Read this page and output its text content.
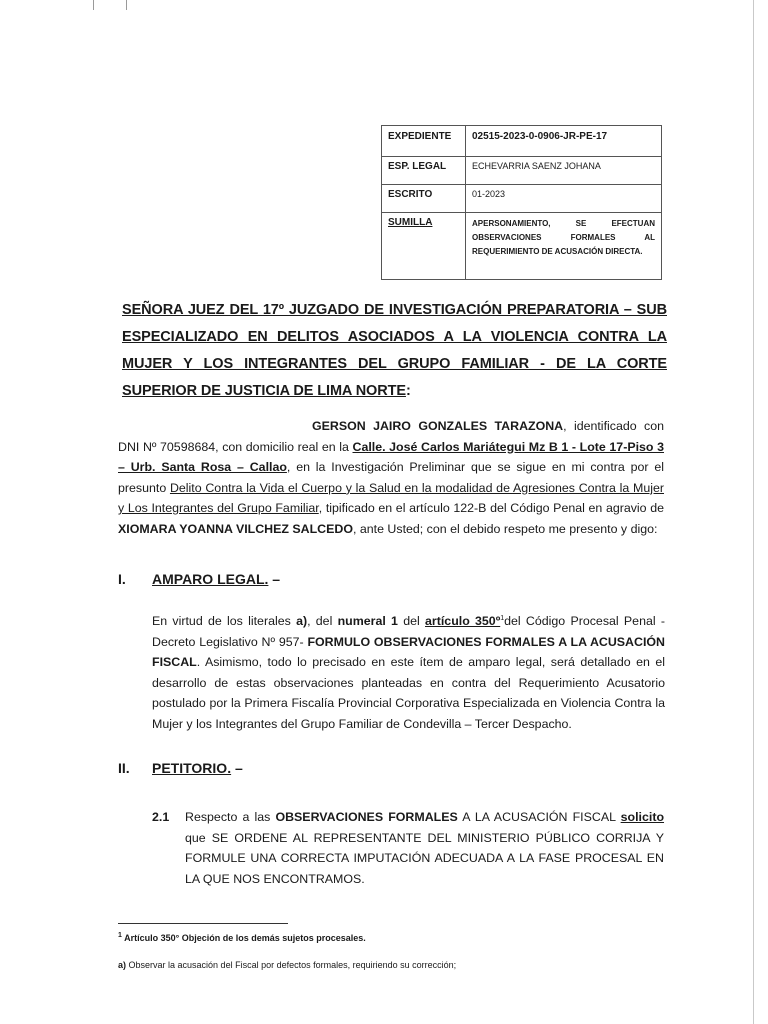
EXPEDIENTE	02515-2023-0-0906-JR-PE-17
ESP. LEGAL	ECHEVARRIA SAENZ JOHANA
ESCRITO	01-2023
SUMILLA	APERSONAMIENTO, SE EFECTUAN OBSERVACIONES FORMALES AL REQUERIMIENTO DE ACUSACIÓN DIRECTA.

SEÑORA JUEZ DEL 17º JUZGADO DE INVESTIGACIÓN PREPARATORIA – SUB ESPECIALIZADO EN DELITOS ASOCIADOS A LA VIOLENCIA CONTRA LA MUJER Y LOS INTEGRANTES DEL GRUPO FAMILIAR - DE LA CORTE SUPERIOR DE JUSTICIA DE LIMA NORTE:

GERSON JAIRO GONZALES TARAZONA, identificado con DNI Nº 70598684, con domicilio real en la Calle. José Carlos Mariátegui Mz B 1 - Lote 17-Piso 3 – Urb. Santa Rosa – Callao, en la Investigación Preliminar que se sigue en mi contra por el presunto Delito Contra la Vida el Cuerpo y la Salud en la modalidad de Agresiones Contra la Mujer y Los Integrantes del Grupo Familiar, tipificado en el artículo 122-B del Código Penal en agravio de XIOMARA YOANNA VILCHEZ SALCEDO, ante Usted; con el debido respeto me presento y digo:

I. AMPARO LEGAL. –

En virtud de los literales a), del numeral 1 del artículo 350º$^1$del Código Procesal Penal - Decreto Legislativo Nº 957- FORMULO OBSERVACIONES FORMALES A LA ACUSACIÓN FISCAL. Asimismo, todo lo precisado en este ítem de amparo legal, será detallado en el desarrollo de estas observaciones planteadas en contra del Requerimiento Acusatorio postulado por la Primera Fiscalía Provincial Corporativa Especializada en Violencia Contra la Mujer y los Integrantes del Grupo Familiar de Condevilla – Tercer Despacho.

II. PETITORIO. –
2.1 Respecto a las OBSERVACIONES FORMALES A LA ACUSACIÓN FISCAL solicito que SE ORDENE AL REPRESENTANTE DEL MINISTERIO PÚBLICO CORRIJA Y FORMULE UNA CORRECTA IMPUTACIÓN ADECUADA A LA FASE PROCESAL EN LA QUE NOS ENCONTRAMOS.

$^1$ Artículo 350° Objeción de los demás sujetos procesales.

a) Observar la acusación del Fiscal por defectos formales, requiriendo su corrección;
